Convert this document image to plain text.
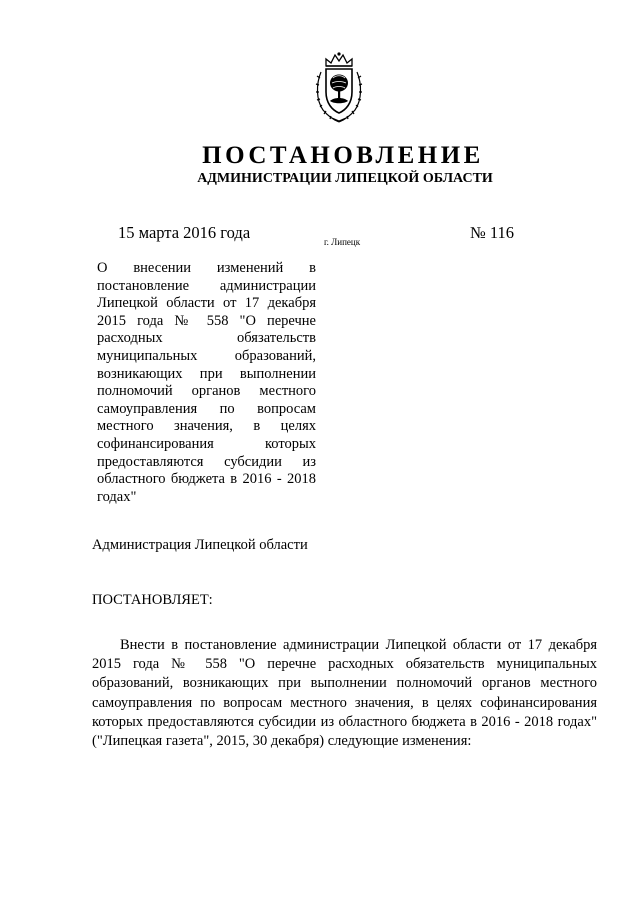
ПОСТАНОВЛЕНИЕ
АДМИНИСТРАЦИИ ЛИПЕЦКОЙ ОБЛАСТИ
15 марта 2016 года	г. Липецк	№ 116
О внесении изменений в постановление администрации Липецкой области от 17 декабря 2015 года № 558 "О перечне расходных обязательств муниципальных образований, возникающих при выполнении полномочий органов местного самоуправления по вопросам местного значения, в целях софинансирования которых предоставляются субсидии из областного бюджета в 2016 - 2018 годах"
Администрация Липецкой области
ПОСТАНОВЛЯЕТ:
Внести в постановление администрации Липецкой области от 17 декабря 2015 года № 558 "О перечне расходных обязательств муниципальных образований, возникающих при выполнении полномочий органов местного самоуправления по вопросам местного значения, в целях софинансирования которых предоставляются субсидии из областного бюджета в 2016 - 2018 годах" ("Липецкая газета", 2015, 30 декабря) следующие изменения:
